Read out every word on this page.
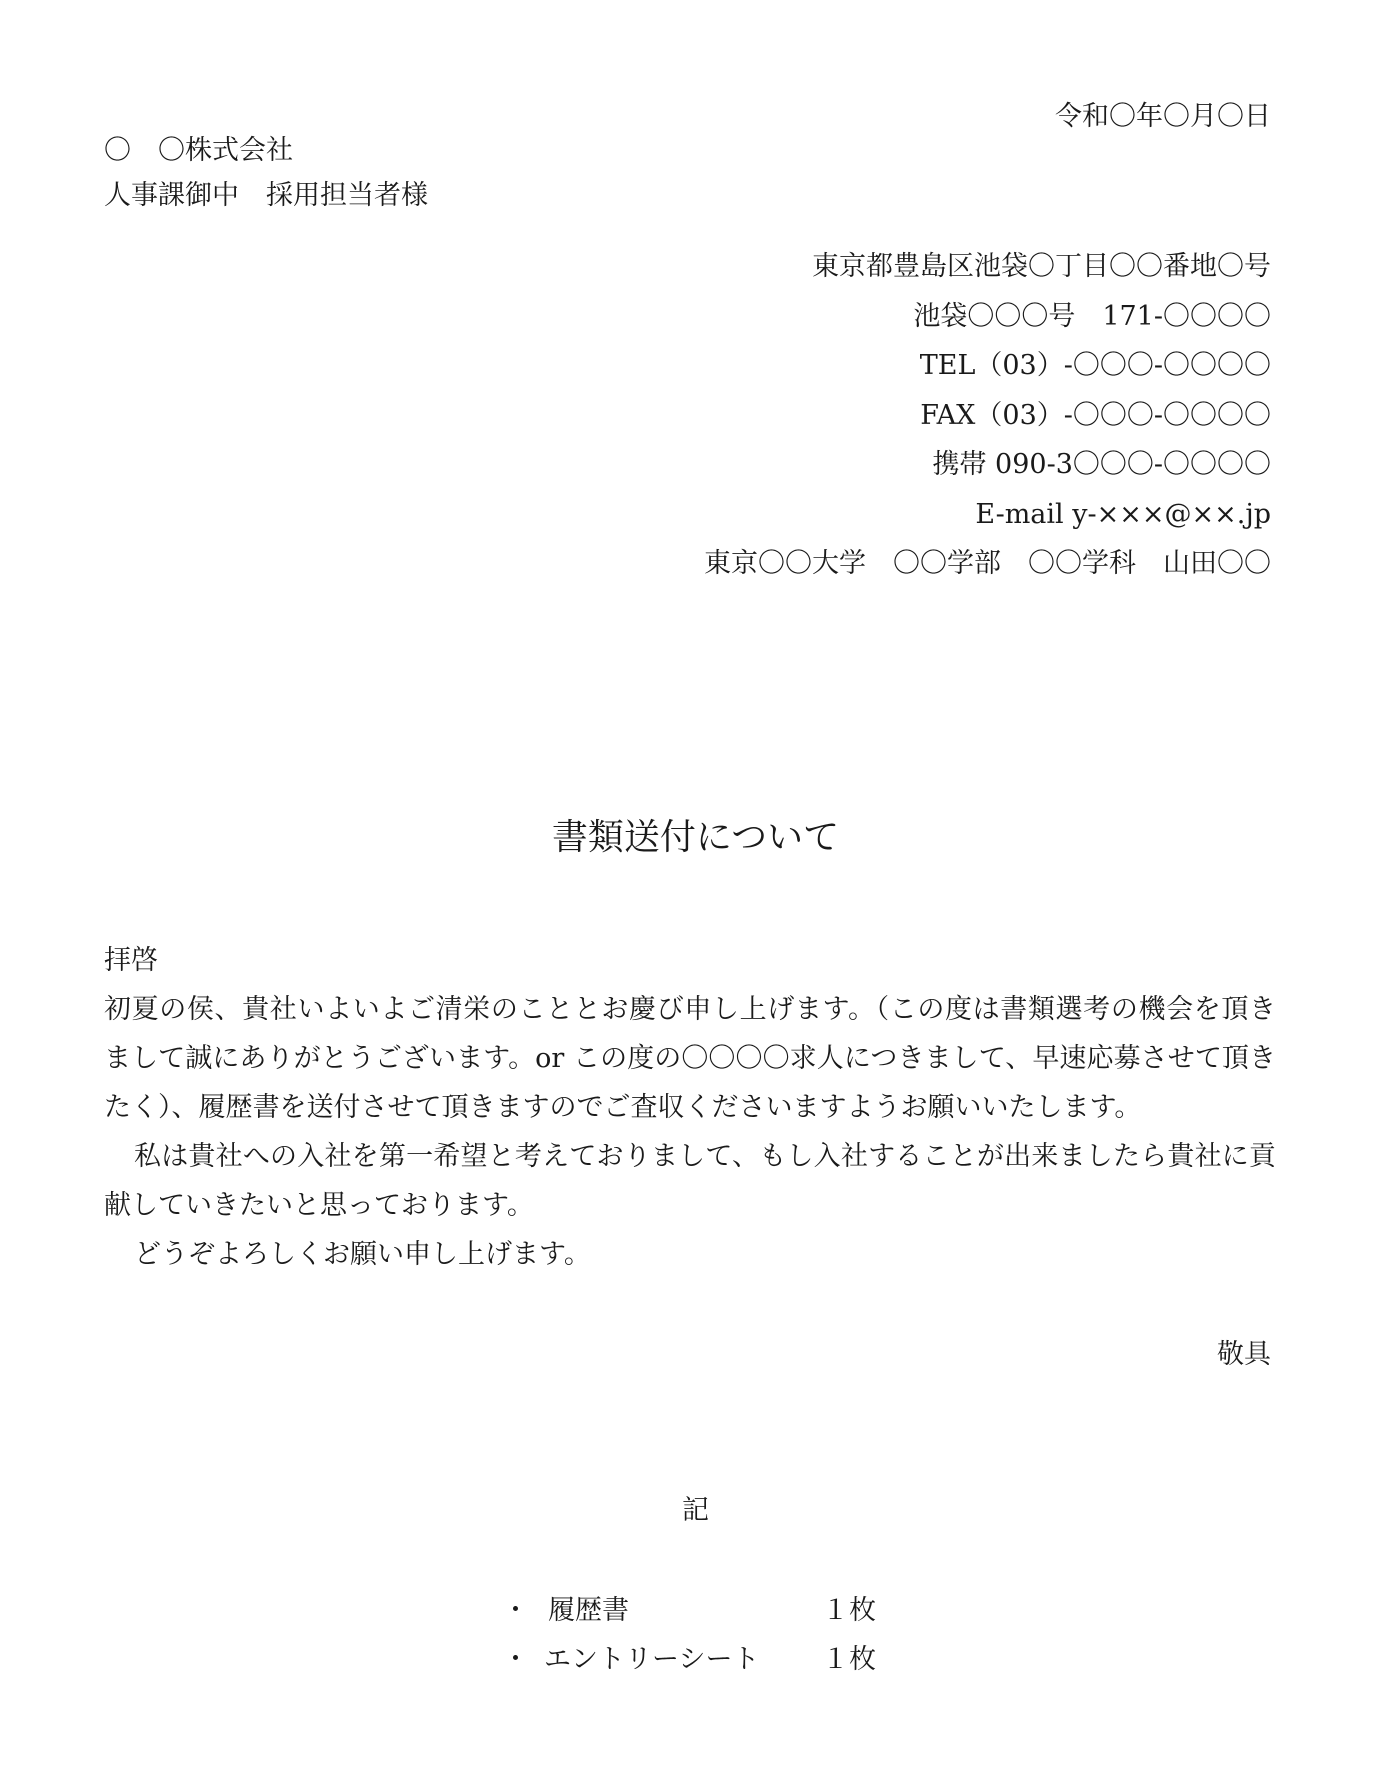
令和〇年〇月〇日
〇　〇株式会社
人事課御中　採用担当者様
東京都豊島区池袋〇丁目〇〇番地〇号
池袋〇〇〇号　171-〇〇〇〇
TEL（03）-〇〇〇-〇〇〇〇
FAX（03）-〇〇〇-〇〇〇〇
携帯 090-3〇〇〇-〇〇〇〇
E-mail y-×××@××.jp
東京〇〇大学　〇〇学部　〇〇学科　山田〇〇
書類送付について
拝啓

初夏の侯、貴社いよいよご清栄のこととお慶び申し上げます。（この度は書類選考の機会を頂きまして誠にありがとうございます。or この度の〇〇〇〇求人につきまして、早速応募させて頂きたく）、履歴書を送付させて頂きますのでご査収くださいますようお願いいたします。

私は貴社への入社を第一希望と考えておりまして、もし入社することが出来ましたら貴社に貢献していきたいと思っております。

どうぞよろしくお願い申し上げます。

敬具
記
・ 履歴書	１枚
・ エントリーシート １枚
